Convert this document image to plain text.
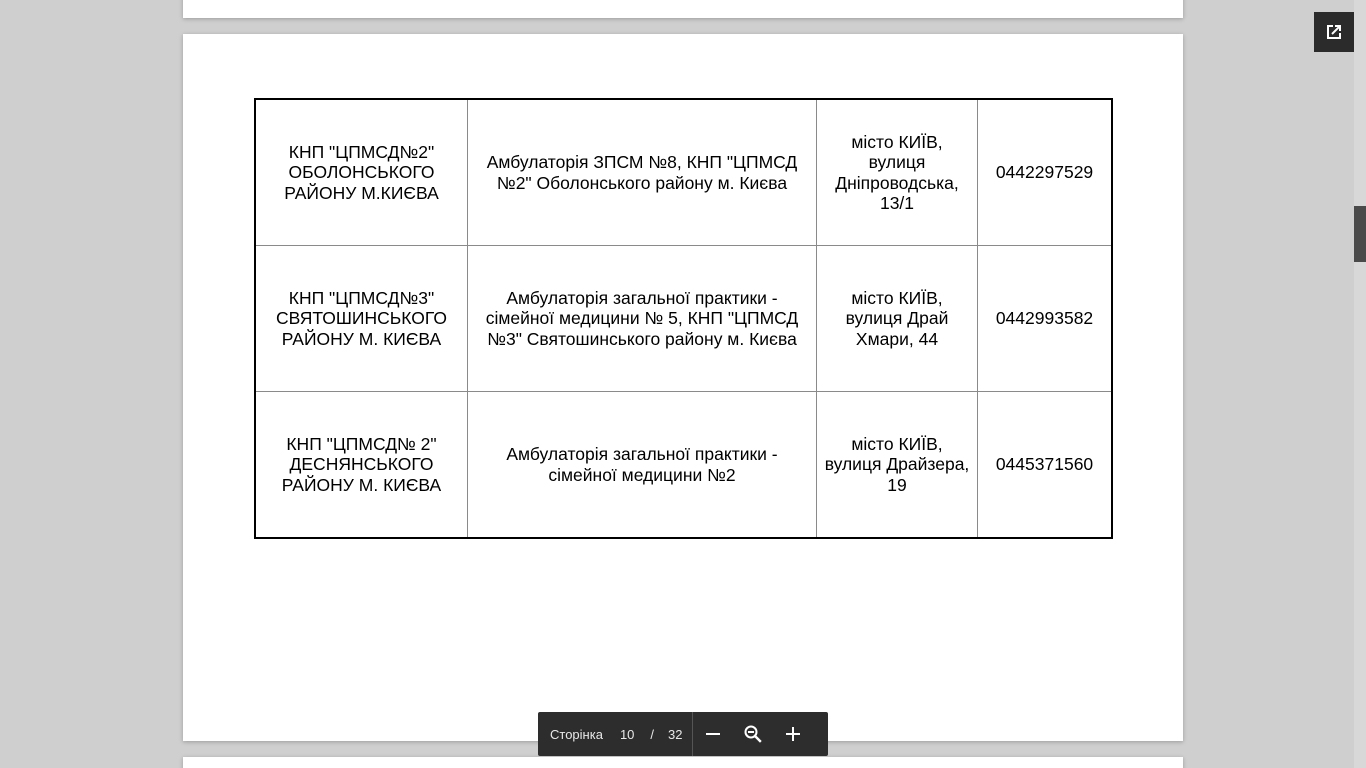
КНП "ЦПМСД№2" ОБОЛОНСЬКОГО РАЙОНУ М.КИЄВА	Амбулаторія ЗПСМ №8, КНП "ЦПМСД №2" Оболонського району м. Києва	місто КИЇВ, вулиця Дніпроводська, 13/1	0442297529
КНП "ЦПМСД№3" СВЯТОШИНСЬКОГО РАЙОНУ М. КИЄВА	Амбулаторія загальної практики - сімейної медицини № 5, КНП "ЦПМСД №3" Святошинського району м. Києва	місто КИЇВ, вулиця Драй Хмари, 44	0442993582
КНП "ЦПМСД№ 2" ДЕСНЯНСЬКОГО РАЙОНУ М. КИЄВА	Амбулаторія загальної практики - сімейної медицини №2	місто КИЇВ, вулиця Драйзера, 19	0445371560
Сторінка 10 / 32
